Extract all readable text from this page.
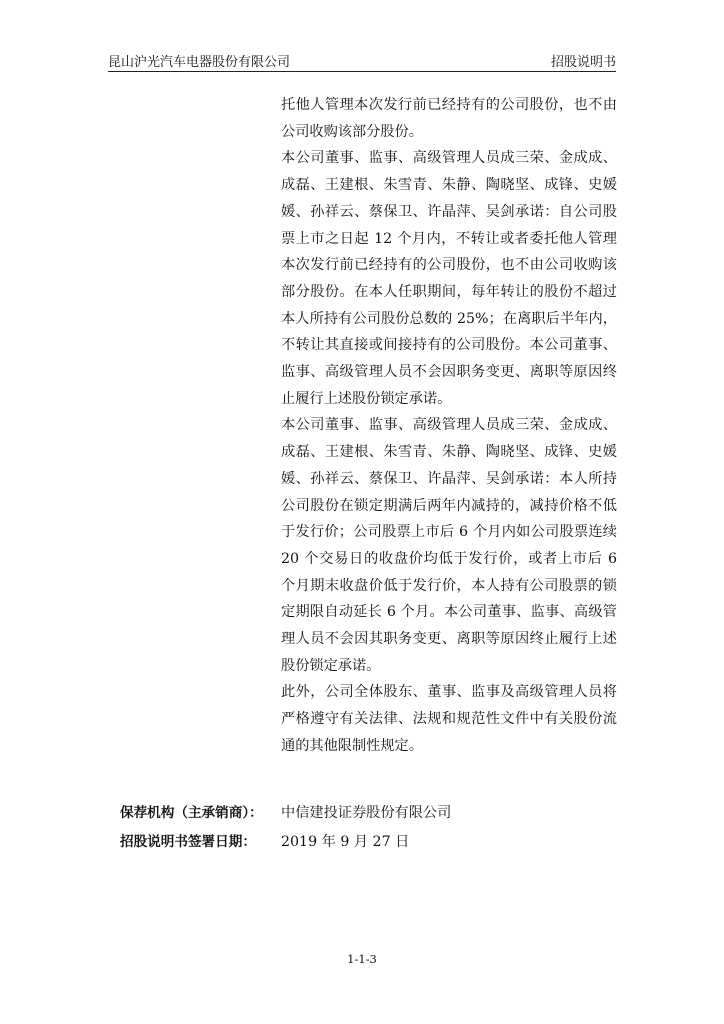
昆山沪光汽车电器股份有限公司	招股说明书

托他人管理本次发行前已经持有的公司股份，也不由公司收购该部分股份。

本公司董事、监事、高级管理人员成三荣、金成成、成磊、王建根、朱雪青、朱静、陶晓坚、成锋、史媛媛、孙祥云、蔡保卫、许晶萍、吴剑承诺：自公司股票上市之日起 12 个月内，不转让或者委托他人管理本次发行前已经持有的公司股份，也不由公司收购该部分股份。在本人任职期间，每年转让的股份不超过本人所持有公司股份总数的 25%；在离职后半年内，不转让其直接或间接持有的公司股份。本公司董事、监事、高级管理人员不会因职务变更、离职等原因终止履行上述股份锁定承诺。

本公司董事、监事、高级管理人员成三荣、金成成、成磊、王建根、朱雪青、朱静、陶晓坚、成锋、史媛媛、孙祥云、蔡保卫、许晶萍、吴剑承诺：本人所持公司股份在锁定期满后两年内减持的，减持价格不低于发行价；公司股票上市后 6 个月内如公司股票连续 20 个交易日的收盘价均低于发行价，或者上市后 6 个月期末收盘价低于发行价，本人持有公司股票的锁定期限自动延长 6 个月。本公司董事、监事、高级管理人员不会因其职务变更、离职等原因终止履行上述股份锁定承诺。

此外，公司全体股东、董事、监事及高级管理人员将严格遵守有关法律、法规和规范性文件中有关股份流通的其他限制性规定。

保荐机构（主承销商）： 中信建投证券股份有限公司
招股说明书签署日期： 2019 年 9 月 27 日
1-1-3
